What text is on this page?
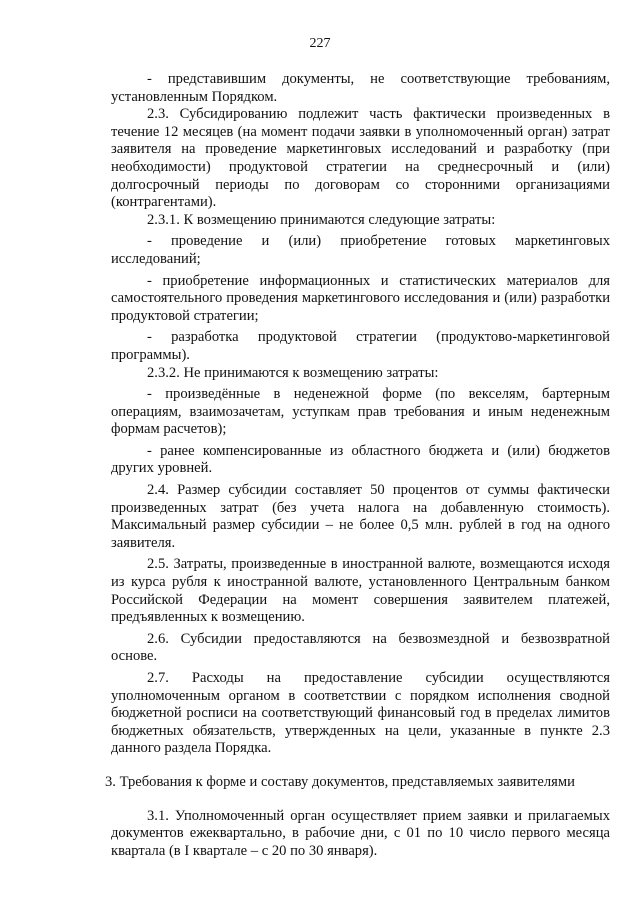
227

- представившим документы, не соответствующие требованиям, установленным Порядком.

2.3. Субсидированию подлежит часть фактически произведенных в течение 12 месяцев (на момент подачи заявки в уполномоченный орган) затрат заявителя на проведение маркетинговых исследований и разработку (при необходимости) продуктовой стратегии на среднесрочный и (или) долгосрочный периоды по договорам со сторонними организациями (контрагентами).

2.3.1. К возмещению принимаются следующие затраты:

- проведение и (или) приобретение готовых маркетинговых исследований;

- приобретение информационных и статистических материалов для самостоятельного проведения маркетингового исследования и (или) разработки продуктовой стратегии;

- разработка продуктовой стратегии (продуктово-маркетинговой программы).

2.3.2. Не принимаются к возмещению затраты:

- произведённые в неденежной форме (по векселям, бартерным операциям, взаимозачетам, уступкам прав требования и иным неденежным формам расчетов);

- ранее компенсированные из областного бюджета и (или) бюджетов других уровней.

2.4. Размер субсидии составляет 50 процентов от суммы фактически произведенных затрат (без учета налога на добавленную стоимость). Максимальный размер субсидии – не более 0,5 млн. рублей в год на одного заявителя.

2.5. Затраты, произведенные в иностранной валюте, возмещаются исходя из курса рубля к иностранной валюте, установленного Центральным банком Российской Федерации на момент совершения заявителем платежей, предъявленных к возмещению.

2.6. Субсидии предоставляются на безвозмездной и безвозвратной основе.

2.7. Расходы на предоставление субсидии осуществляются уполномоченным органом в соответствии с порядком исполнения сводной бюджетной росписи на соответствующий финансовый год в пределах лимитов бюджетных обязательств, утвержденных на цели, указанные в пункте 2.3 данного раздела Порядка.

3. Требования к форме и составу документов, представляемых заявителями

3.1. Уполномоченный орган осуществляет прием заявки и прилагаемых документов ежеквартально, в рабочие дни, с 01 по 10 число первого месяца квартала (в I квартале – с 20 по 30 января).
